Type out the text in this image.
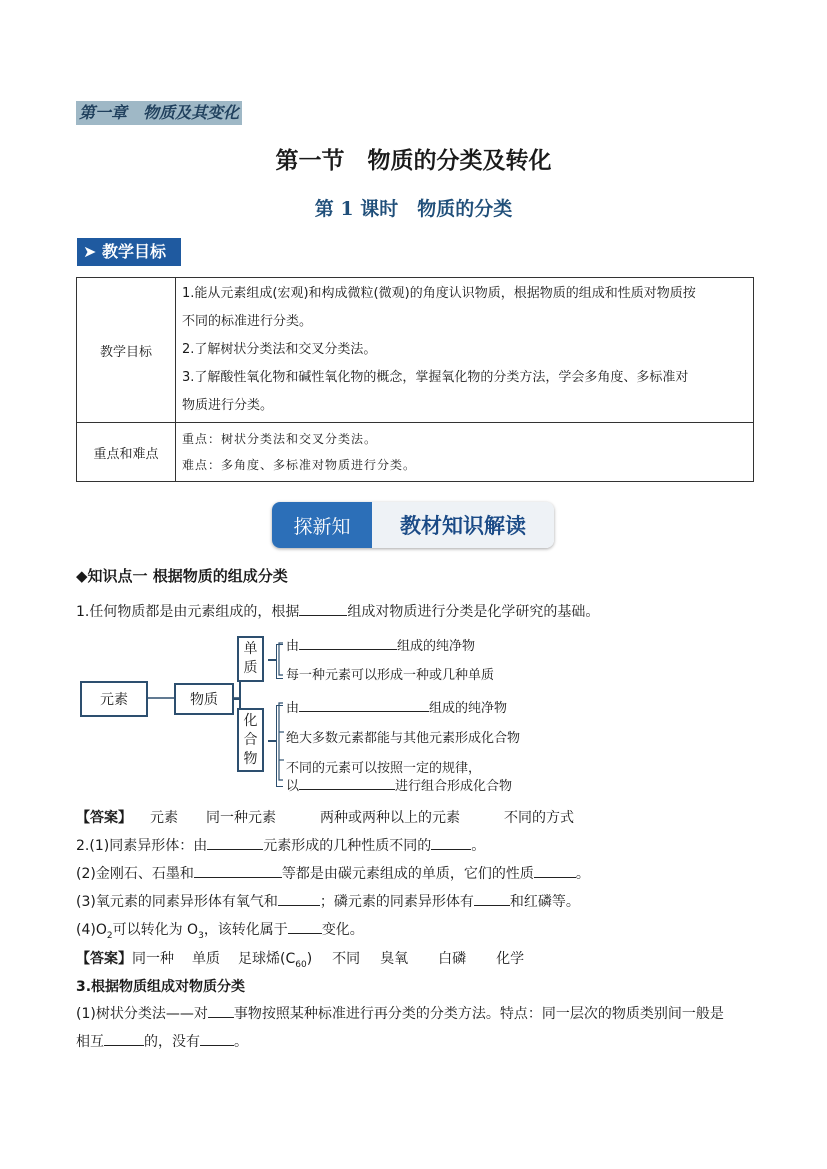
第一章　物质及其变化
第一节　物质的分类及转化
第 1 课时　物质的分类
➤ 教学目标
教学目标	1.能从元素组成(宏观)和构成微粒(微观)的角度认识物质，根据物质的组成和性质对物质按

不同的标准进行分类。

2.了解树状分类法和交叉分类法。

3.了解酸性氧化物和碱性氧化物的概念，掌握氧化物的分类方法，学会多角度、多标准对

物质进行分类。

重点和难点	重点：树状分类法和交叉分类法。

难点：多角度、多标准对物质进行分类。

探新知	教材知识解读
◆知识点一 根据物质的组成分类
1.任何物质都是由元素组成的，根据	组成对物质进行分类是化学研究的基础。
元素	物质
单
质
化
合
物
由	组成的纯净物
每一种元素可以形成一种或几种单质
由	组成的纯净物
绝大多数元素都能与其他元素形成化合物
不同的元素可以按照一定的规律，
以	进行组合形成化合物
【答案】 元素 同一种元素	两种或两种以上的元素	不同的方式
2.(1)同素异形体：由	元素形成的几种性质不同的	。
(2)金刚石、石墨和	等都是由碳元素组成的单质，它们的性质	。
(3)氧元素的同素异形体有氧气和	；磷元素的同素异形体有	和红磷等。
$(4)O_2$可以转化为 $O_3$，该转化属于 变化。
【答案】同一种 单质 足球烯$(C_{60})$ 不同 臭氧 白磷 化学
3.根据物质组成对物质分类
(1)树状分类法——对 事物按照某种标准进行再分类的分类方法。特点：同一层次的物质类别间一般是
相互	的，没有 。
